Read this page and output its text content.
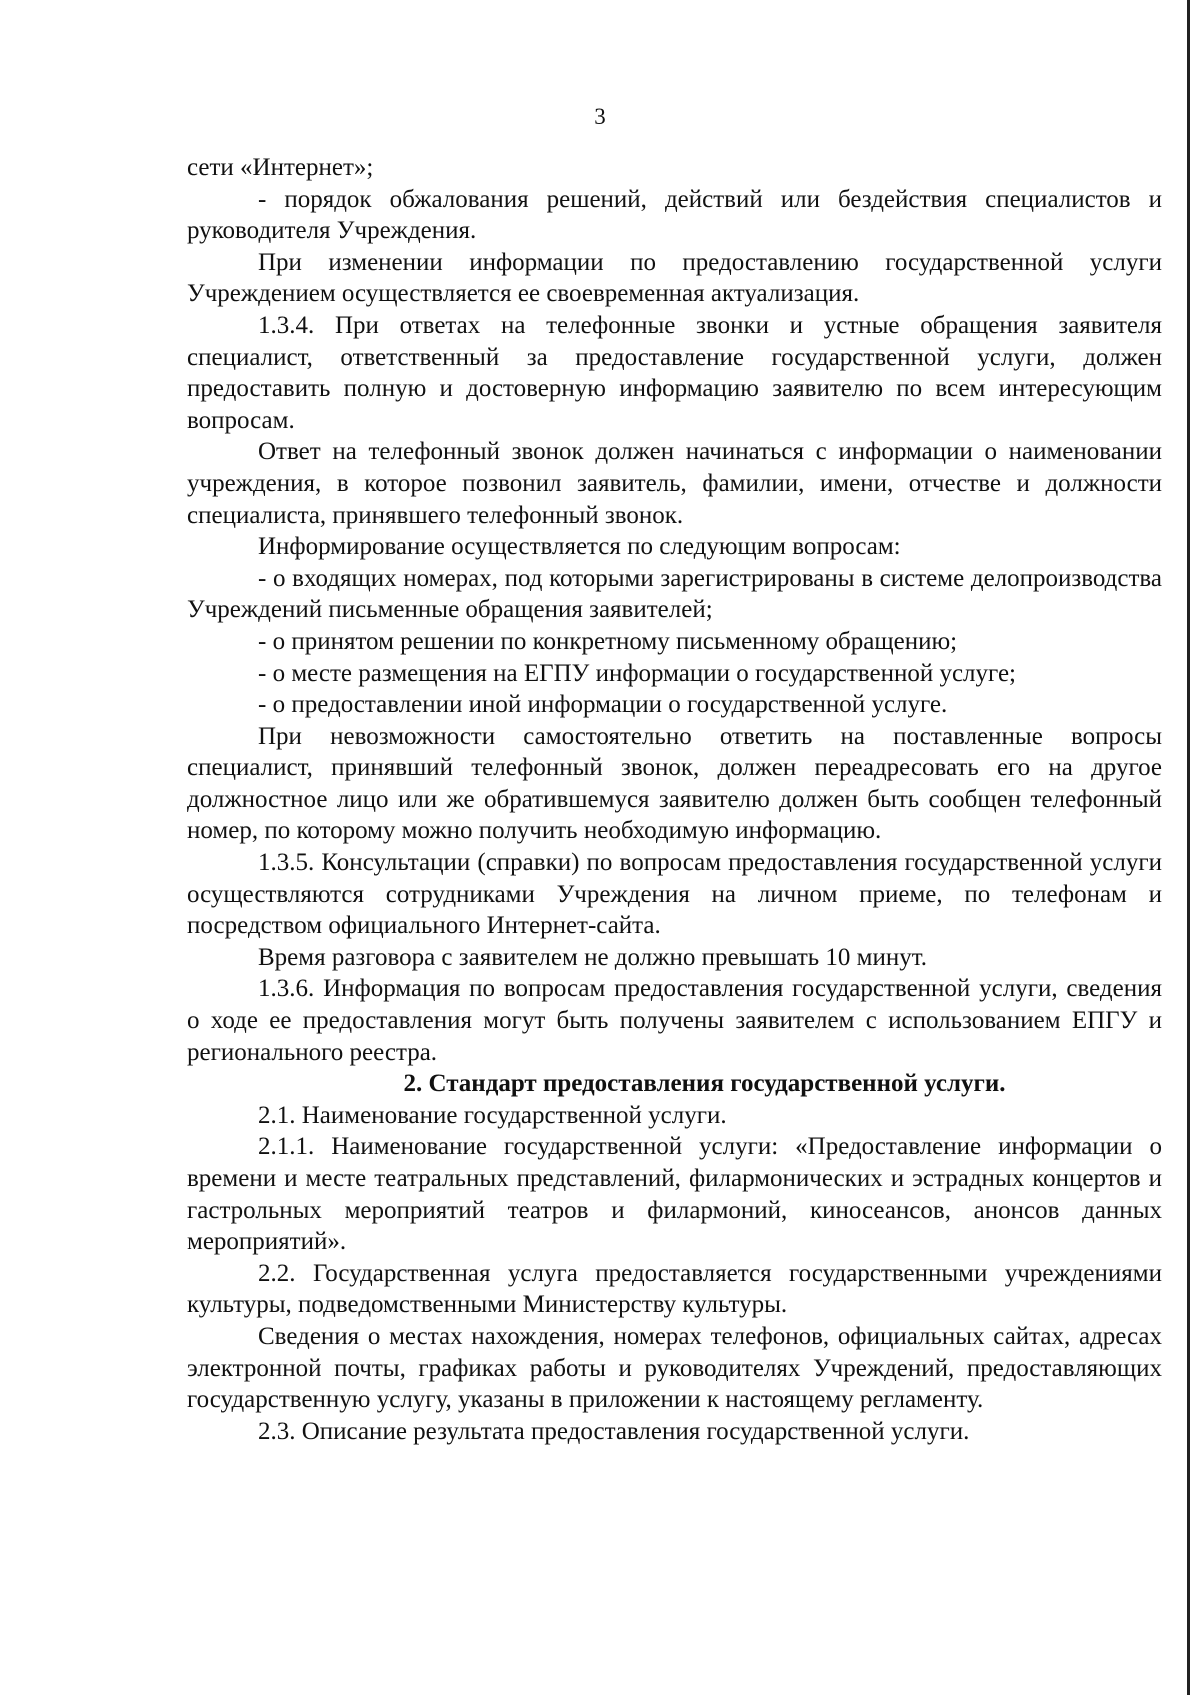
3

сети «Интернет»;

- порядок обжалования решений, действий или бездействия специалистов и руководителя Учреждения.

При изменении информации по предоставлению государственной услуги Учреждением осуществляется ее своевременная актуализация.

1.3.4. При ответах на телефонные звонки и устные обращения заявителя специалист, ответственный за предоставление государственной услуги, должен предоставить полную и достоверную информацию заявителю по всем интересующим вопросам.

Ответ на телефонный звонок должен начинаться с информации о наименовании учреждения, в которое позвонил заявитель, фамилии, имени, отчестве и должности специалиста, принявшего телефонный звонок.

Информирование осуществляется по следующим вопросам:

- о входящих номерах, под которыми зарегистрированы в системе делопроизводства Учреждений письменные обращения заявителей;

- о принятом решении по конкретному письменному обращению;

- о месте размещения на ЕГПУ информации о государственной услуге;

- о предоставлении иной информации о государственной услуге.

При невозможности самостоятельно ответить на поставленные вопросы специалист, принявший телефонный звонок, должен переадресовать его на другое должностное лицо или же обратившемуся заявителю должен быть сообщен телефонный номер, по которому можно получить необходимую информацию.

1.3.5. Консультации (справки) по вопросам предоставления государственной услуги осуществляются сотрудниками Учреждения на личном приеме, по телефонам и посредством официального Интернет-сайта.

Время разговора с заявителем не должно превышать 10 минут.

1.3.6. Информация по вопросам предоставления государственной услуги, сведения о ходе ее предоставления могут быть получены заявителем с использованием ЕПГУ и регионального реестра.

2. Стандарт предоставления государственной услуги.

2.1. Наименование государственной услуги.

2.1.1. Наименование государственной услуги: «Предоставление информации о времени и месте театральных представлений, филармонических и эстрадных концертов и гастрольных мероприятий театров и филармоний, киносеансов, анонсов данных мероприятий».

2.2. Государственная услуга предоставляется государственными учреждениями культуры, подведомственными Министерству культуры.

Сведения о местах нахождения, номерах телефонов, официальных сайтах, адресах электронной почты, графиках работы и руководителях Учреждений, предоставляющих государственную услугу, указаны в приложении к настоящему регламенту.

2.3. Описание результата предоставления государственной услуги.
